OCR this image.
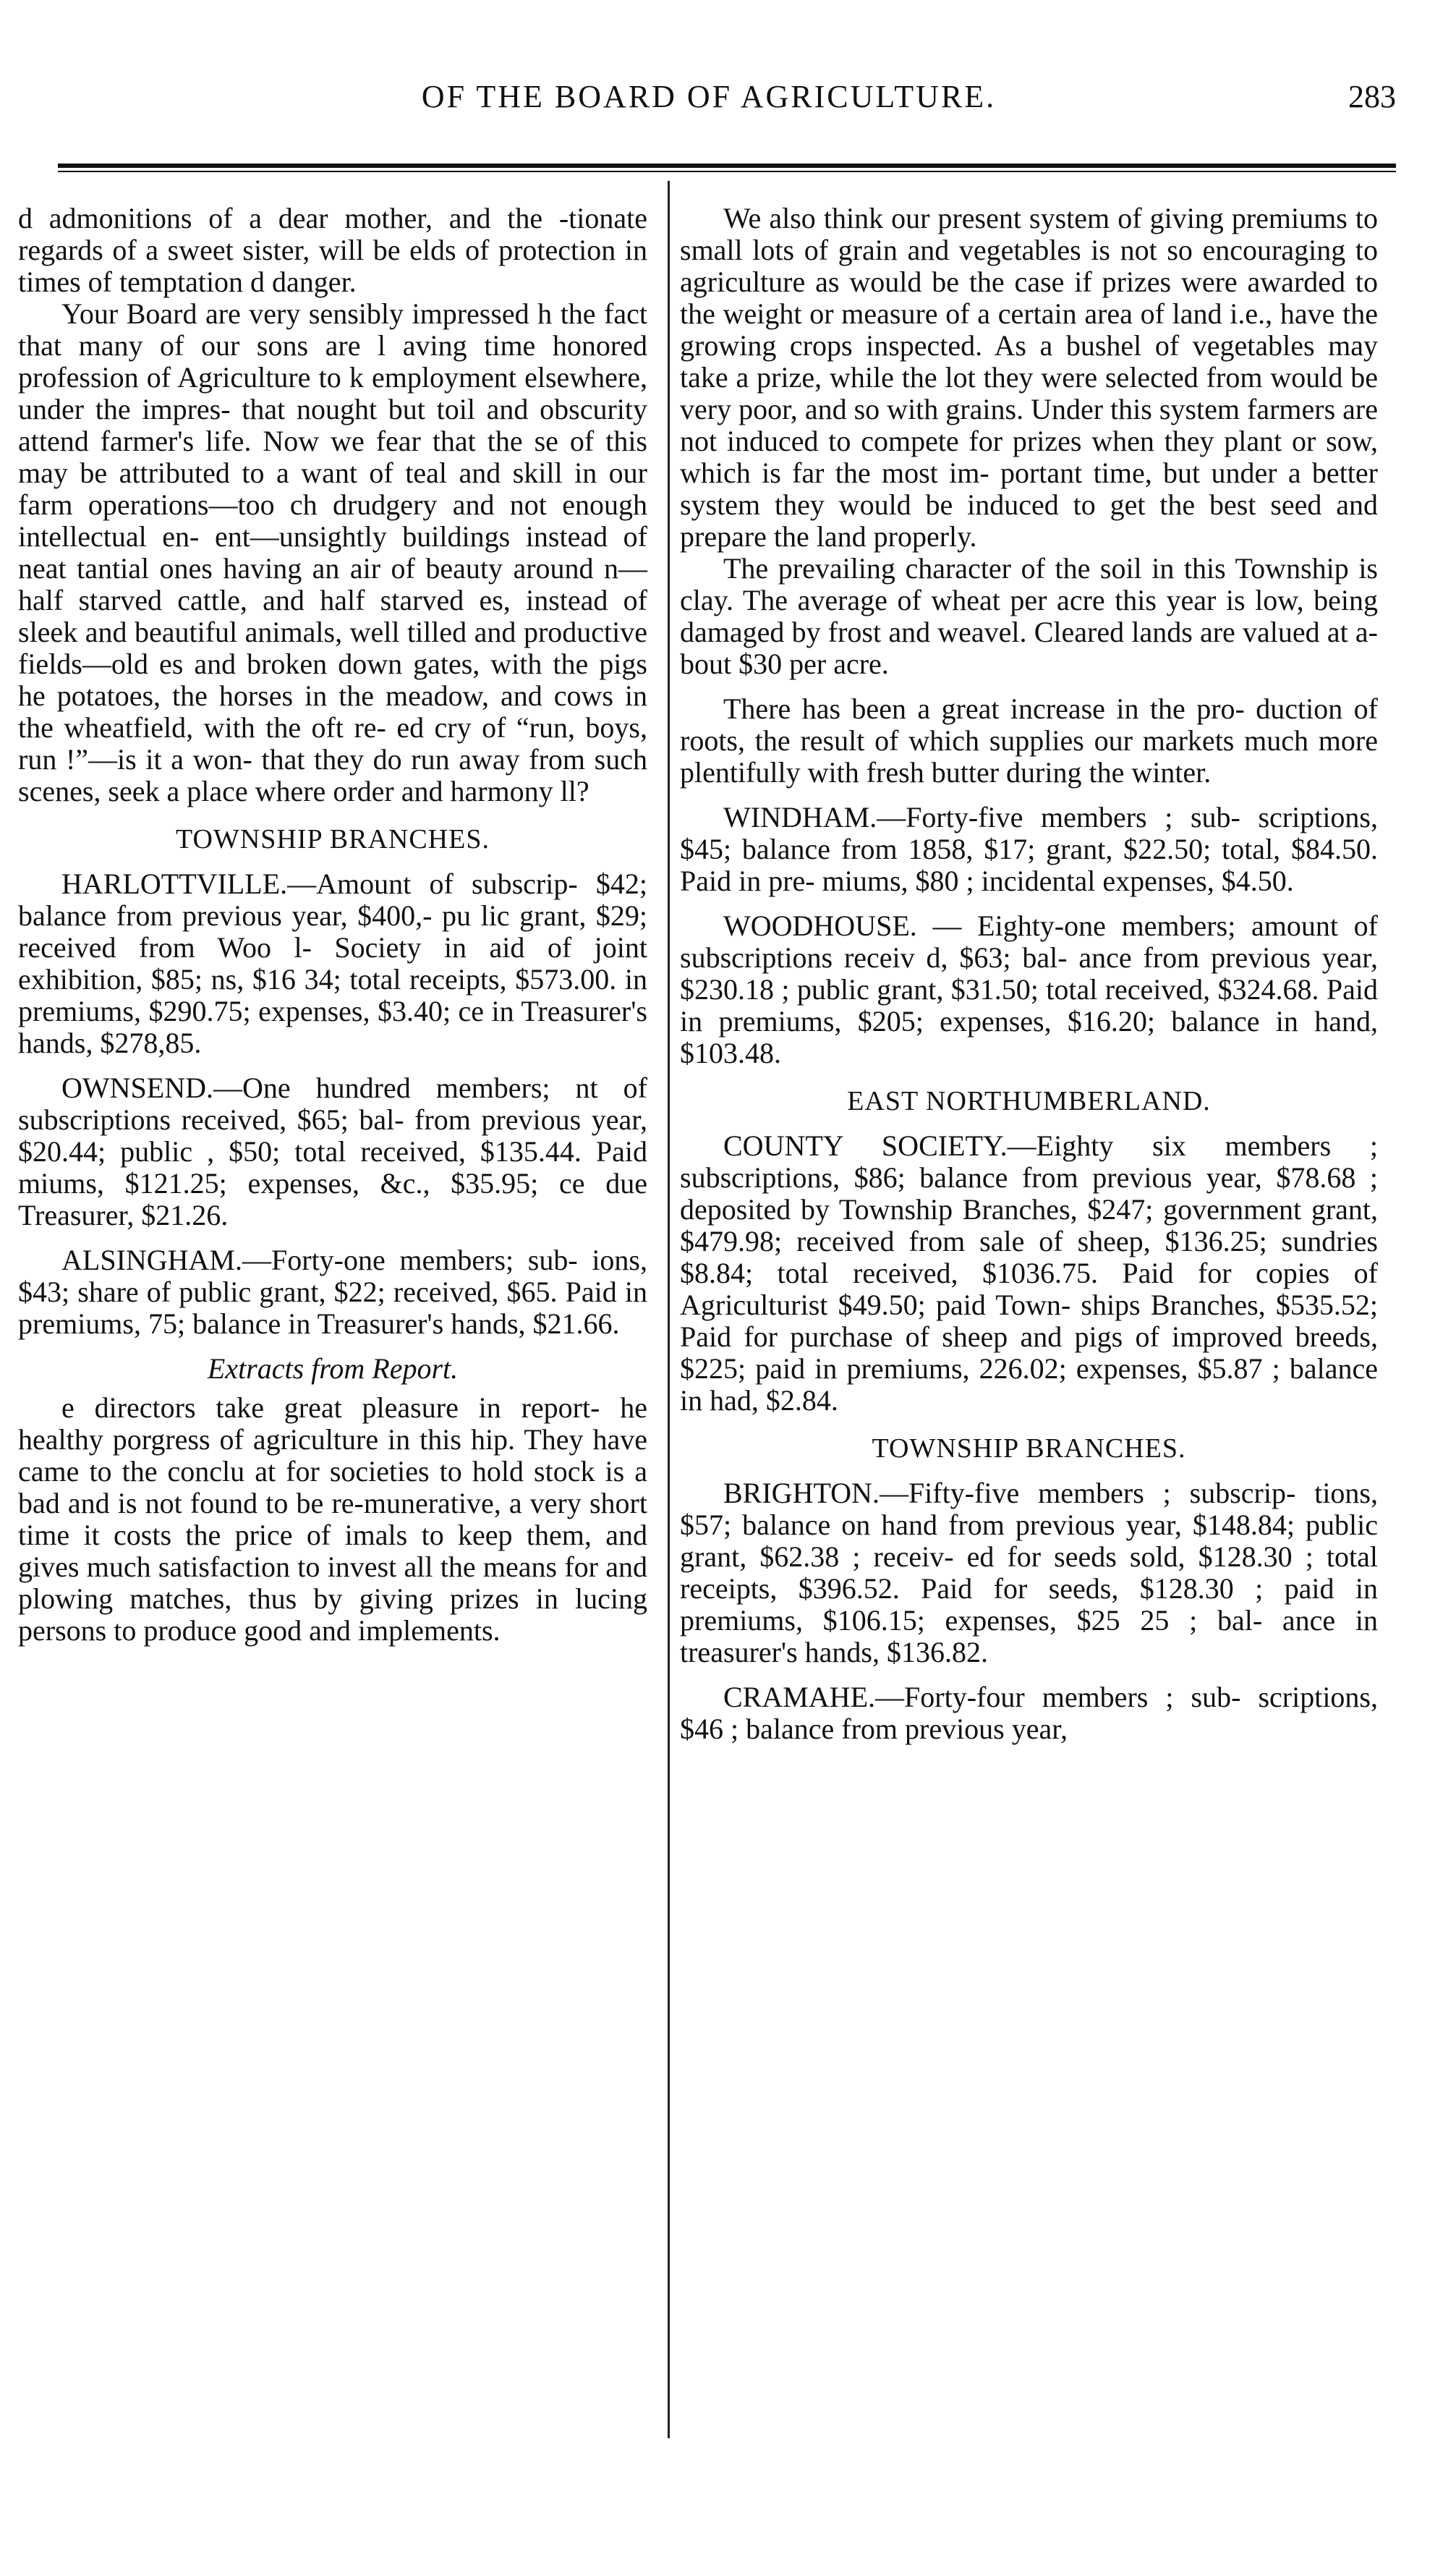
OF THE BOARD OF AGRICULTURE.	283

d admonitions of a dear mother, and the -tionate regards of a sweet sister, will be elds of protection in times of temptation d danger.

Your Board are very sensibly impressed h the fact that many of our sons are l aving time honored profession of Agriculture to k employment elsewhere, under the impres- that nought but toil and obscurity attend farmer's life. Now we fear that the se of this may be attributed to a want of teal and skill in our farm operations—too ch drudgery and not enough intellectual en- ent—unsightly buildings instead of neat tantial ones having an air of beauty around n—half starved cattle, and half starved es, instead of sleek and beautiful animals, well tilled and productive fields—old es and broken down gates, with the pigs he potatoes, the horses in the meadow, and cows in the wheatfield, with the oft re- ed cry of “run, boys, run !”—is it a won- that they do run away from such scenes, seek a place where order and harmony ll?

TOWNSHIP BRANCHES.

HARLOTTVILLE.—Amount of subscrip- $42; balance from previous year, $400,- pu lic grant, $29; received from Woo l- Society in aid of joint exhibition, $85; ns, $16 34; total receipts, $573.00. in premiums, $290.75; expenses, $3.40; ce in Treasurer's hands, $278,85.

OWNSEND.—One hundred members; nt of subscriptions received, $65; bal- from previous year, $20.44; public , $50; total received, $135.44. Paid miums, $121.25; expenses, &c., $35.95; ce due Treasurer, $21.26.

ALSINGHAM.—Forty-one members; sub- ions, $43; share of public grant, $22; received, $65. Paid in premiums, 75; balance in Treasurer's hands, $21.66.

Extracts from Report.

e directors take great pleasure in report- he healthy porgress of agriculture in this hip. They have came to the conclu at for societies to hold stock is a bad and is not found to be re-munerative, a very short time it costs the price of imals to keep them, and gives much satisfaction to invest all the means for and plowing matches, thus by giving prizes in lucing persons to produce good and implements.

We also think our present system of giving premiums to small lots of grain and vegetables is not so encouraging to agriculture as would be the case if prizes were awarded to the weight or measure of a certain area of land i.e., have the growing crops inspected. As a bushel of vegetables may take a prize, while the lot they were selected from would be very poor, and so with grains. Under this system farmers are not induced to compete for prizes when they plant or sow, which is far the most im- portant time, but under a better system they would be induced to get the best seed and prepare the land properly.

The prevailing character of the soil in this Township is clay. The average of wheat per acre this year is low, being damaged by frost and weavel. Cleared lands are valued at a- bout $30 per acre.

There has been a great increase in the pro- duction of roots, the result of which supplies our markets much more plentifully with fresh butter during the winter.

WINDHAM.—Forty-five members ; sub- scriptions, $45; balance from 1858, $17; grant, $22.50; total, $84.50. Paid in pre- miums, $80 ; incidental expenses, $4.50.

WOODHOUSE. — Eighty-one members; amount of subscriptions receiv d, $63; bal- ance from previous year, $230.18 ; public grant, $31.50; total received, $324.68. Paid in premiums, $205; expenses, $16.20; balance in hand, $103.48.

EAST NORTHUMBERLAND.

COUNTY SOCIETY.—Eighty six members ; subscriptions, $86; balance from previous year, $78.68 ; deposited by Township Branches, $247; government grant, $479.98; received from sale of sheep, $136.25; sundries $8.84; total received, $1036.75. Paid for copies of Agriculturist $49.50; paid Town- ships Branches, $535.52; Paid for purchase of sheep and pigs of improved breeds, $225; paid in premiums, 226.02; expenses, $5.87 ; balance in had, $2.84.

TOWNSHIP BRANCHES.

BRIGHTON.—Fifty-five members ; subscrip- tions, $57; balance on hand from previous year, $148.84; public grant, $62.38 ; receiv- ed for seeds sold, $128.30 ; total receipts, $396.52. Paid for seeds, $128.30 ; paid in premiums, $106.15; expenses, $25 25 ; bal- ance in treasurer's hands, $136.82.

CRAMAHE.—Forty-four members ; sub- scriptions, $46 ; balance from previous year,
